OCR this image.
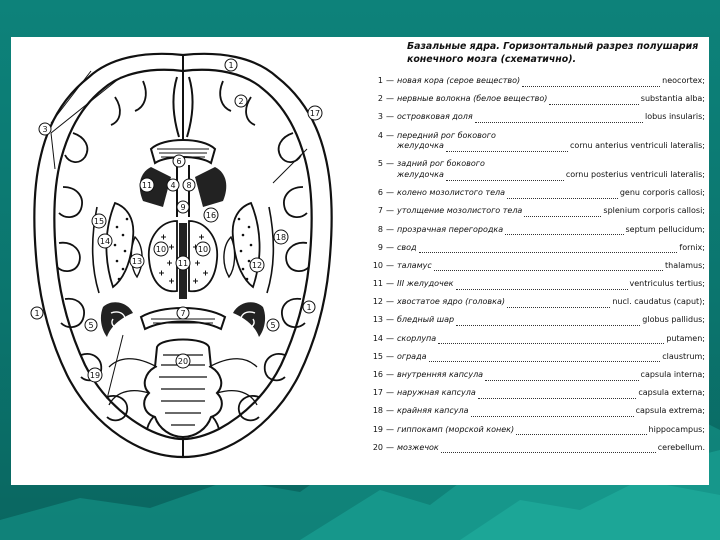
3
1
2
17
6
11 4 8
9
15
14
13
16
10	10
12
18
11
1	7
5	5
1
20
19
Базальные ядра. Горизонтальный разрез полушария
конечного мозга (схематично).
1 — новая кора (серое вещество)	neocortex;
2 — нервные волокна (белое вещество)	substantia alba;
3 — островковая доля	lobus insularis;
4 — передний рог бокового
желудочка	cornu anterius ventriculi lateralis;
5 — задний рог бокового
желудочка	cornu posterius ventriculi lateralis;
6 — колено мозолистого тела	genu corporis callosi;
7 — утолщение мозолистого тела	splenium corporis callosi;
8 — прозрачная перегородка	septum pellucidum;
9 — свод	fornix;
10 — таламус	thalamus;
11 — III желудочек	ventriculus tertius;
12 — хвостатое ядро (головка)	nucl. caudatus (caput);
13 — бледный шар	globus pallidus;
14 — скорлупа	putamen;
15 — ограда	claustrum;
16 — внутренняя капсула	capsula interna;
17 — наружная капсула	capsula externa;
18 — крайняя капсула	capsula extrema;
19 — гиппокамп (морской конек)	hippocampus;
20 — мозжечок	cerebellum.
